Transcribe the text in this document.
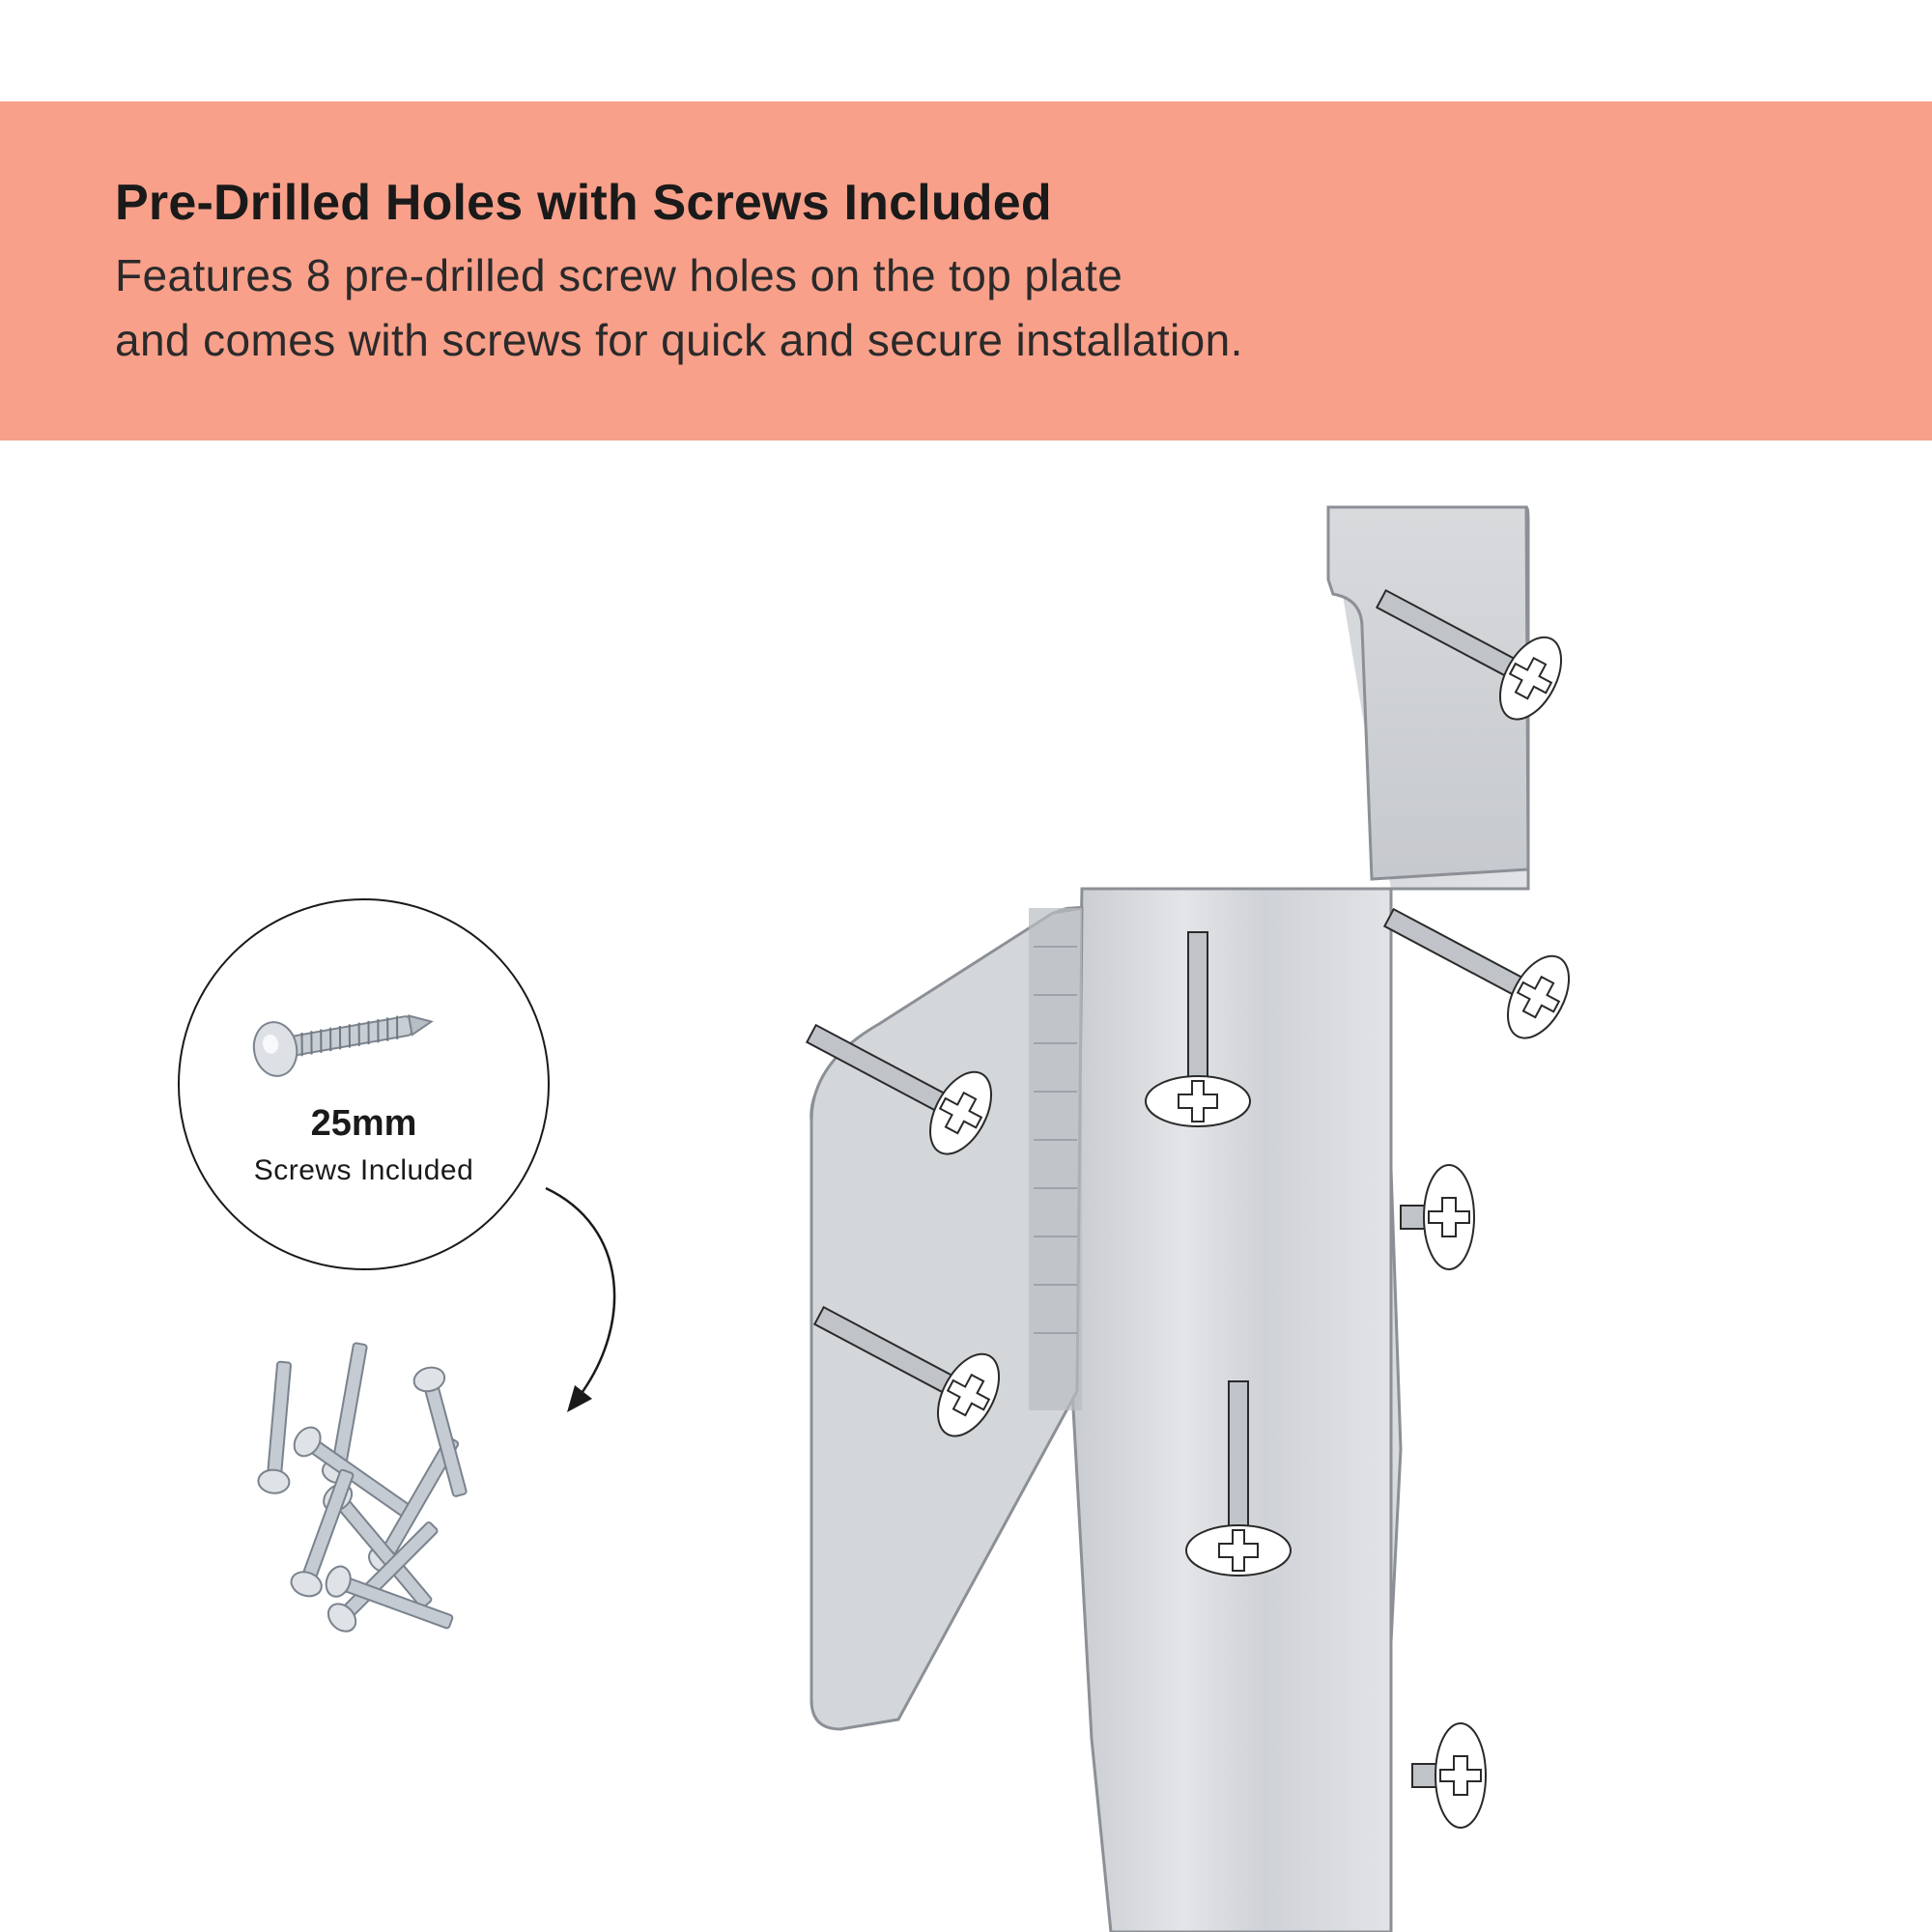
Pre-Drilled Holes with Screws Included

Features 8 pre-drilled screw holes on the top plate

and comes with screws for quick and secure installation.

25mm
Screws Included
